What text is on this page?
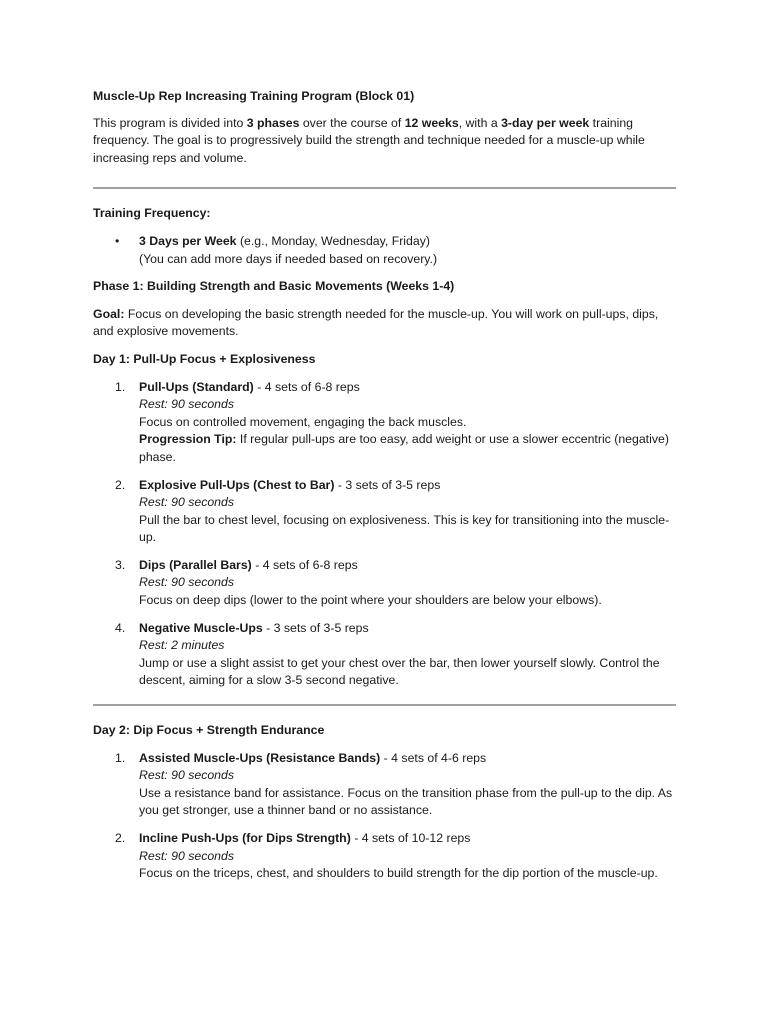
Muscle-Up Rep Increasing Training Program (Block 01)

This program is divided into 3 phases over the course of 12 weeks, with a 3-day per week training frequency. The goal is to progressively build the strength and technique needed for a muscle-up while increasing reps and volume.

Training Frequency:

• 3 Days per Week (e.g., Monday, Wednesday, Friday)
(You can add more days if needed based on recovery.)

Phase 1: Building Strength and Basic Movements (Weeks 1-4)

Goal: Focus on developing the basic strength needed for the muscle-up. You will work on pull-ups, dips, and explosive movements.

Day 1: Pull-Up Focus + Explosiveness

1. Pull-Ups (Standard) - 4 sets of 6-8 reps
Rest: 90 seconds
Focus on controlled movement, engaging the back muscles.
Progression Tip: If regular pull-ups are too easy, add weight or use a slower eccentric (negative) phase.
2. Explosive Pull-Ups (Chest to Bar) - 3 sets of 3-5 reps
Rest: 90 seconds
Pull the bar to chest level, focusing on explosiveness. This is key for transitioning into the muscle-up.
3. Dips (Parallel Bars) - 4 sets of 6-8 reps
Rest: 90 seconds
Focus on deep dips (lower to the point where your shoulders are below your elbows).
4. Negative Muscle-Ups - 3 sets of 3-5 reps
Rest: 2 minutes
Jump or use a slight assist to get your chest over the bar, then lower yourself slowly. Control the descent, aiming for a slow 3-5 second negative.

Day 2: Dip Focus + Strength Endurance

1. Assisted Muscle-Ups (Resistance Bands) - 4 sets of 4-6 reps
Rest: 90 seconds
Use a resistance band for assistance. Focus on the transition phase from the pull-up to the dip. As you get stronger, use a thinner band or no assistance.
2. Incline Push-Ups (for Dips Strength) - 4 sets of 10-12 reps
Rest: 90 seconds
Focus on the triceps, chest, and shoulders to build strength for the dip portion of the muscle-up.
